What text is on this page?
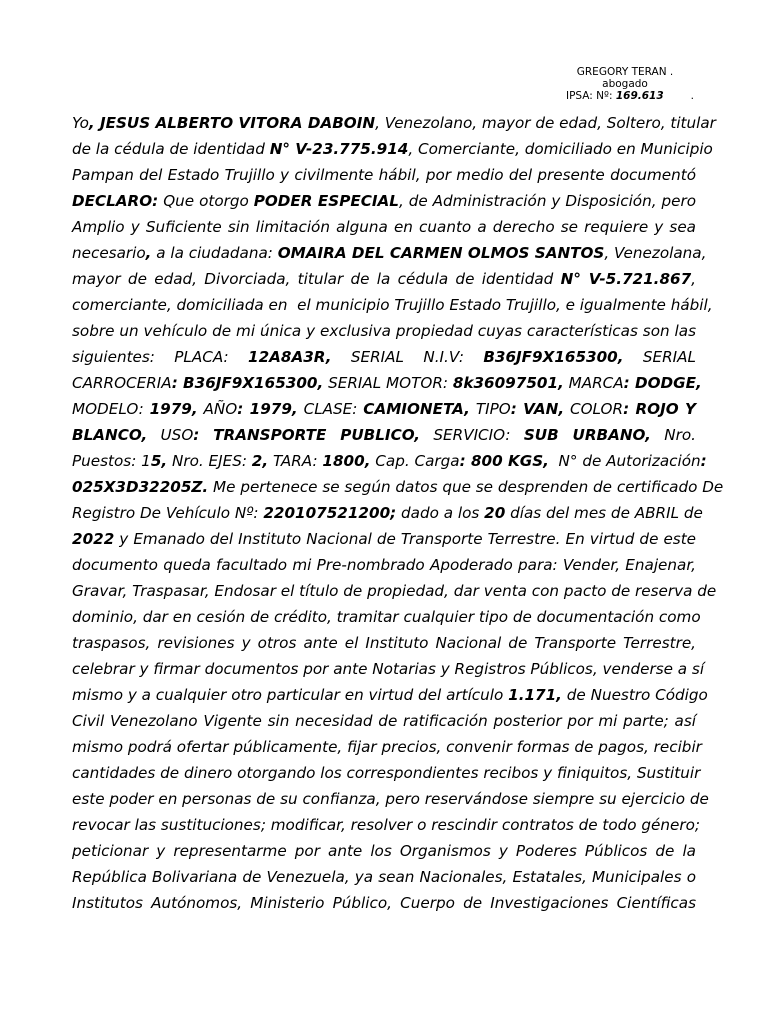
GREGORY TERAN .
abogado
IPSA: Nº: 169.613	.
Yo, JESUS ALBERTO VITORA DABOIN, Venezolano, mayor de edad, Soltero, titular
de la cédula de identidad N° V-23.775.914, Comerciante, domiciliado en Municipio
Pampan del Estado Trujillo y civilmente hábil, por medio del presente documentó
DECLARO: Que otorgo PODER ESPECIAL, de Administración y Disposición, pero
Amplio y Suficiente sin limitación alguna en cuanto a derecho se requiere y sea
necesario, a la ciudadana: OMAIRA DEL CARMEN OLMOS SANTOS, Venezolana,
mayor de edad, Divorciada, titular de la cédula de identidad N° V-5.721.867,
comerciante, domiciliada en  el municipio Trujillo Estado Trujillo, e igualmente hábil,
sobre un vehículo de mi única y exclusiva propiedad cuyas características son las
siguientes: PLACA: 12A8A3R, SERIAL N.I.V: B36JF9X165300, SERIAL
CARROCERIA: B36JF9X165300, SERIAL MOTOR: 8k36097501, MARCA: DODGE,
MODELO: 1979, AÑO: 1979, CLASE: CAMIONETA, TIPO: VAN, COLOR: ROJO Y
BLANCO, USO: TRANSPORTE PUBLICO, SERVICIO: SUB URBANO, Nro.
Puestos: 15, Nro. EJES: 2, TARA: 1800, Cap. Carga: 800 KGS,  N° de Autorización:
025X3D32205Z. Me pertenece se según datos que se desprenden de certificado De
Registro De Vehículo Nº: 220107521200; dado a los 20 días del mes de ABRIL de
2022 y Emanado del Instituto Nacional de Transporte Terrestre. En virtud de este
documento queda facultado mi Pre-nombrado Apoderado para: Vender, Enajenar,
Gravar, Traspasar, Endosar el título de propiedad, dar venta con pacto de reserva de
dominio, dar en cesión de crédito, tramitar cualquier tipo de documentación como
traspasos, revisiones y otros ante el Instituto Nacional de Transporte Terrestre,
celebrar y firmar documentos por ante Notarias y Registros Públicos, venderse a sí
mismo y a cualquier otro particular en virtud del artículo 1.171, de Nuestro Código
Civil Venezolano Vigente sin necesidad de ratificación posterior por mi parte; así
mismo podrá ofertar públicamente, fijar precios, convenir formas de pagos, recibir
cantidades de dinero otorgando los correspondientes recibos y finiquitos, Sustituir
este poder en personas de su confianza, pero reservándose siempre su ejercicio de
revocar las sustituciones; modificar, resolver o rescindir contratos de todo género;
peticionar y representarme por ante los Organismos y Poderes Públicos de la
República Bolivariana de Venezuela, ya sean Nacionales, Estatales, Municipales o
Institutos Autónomos, Ministerio Público, Cuerpo de Investigaciones Científicas
